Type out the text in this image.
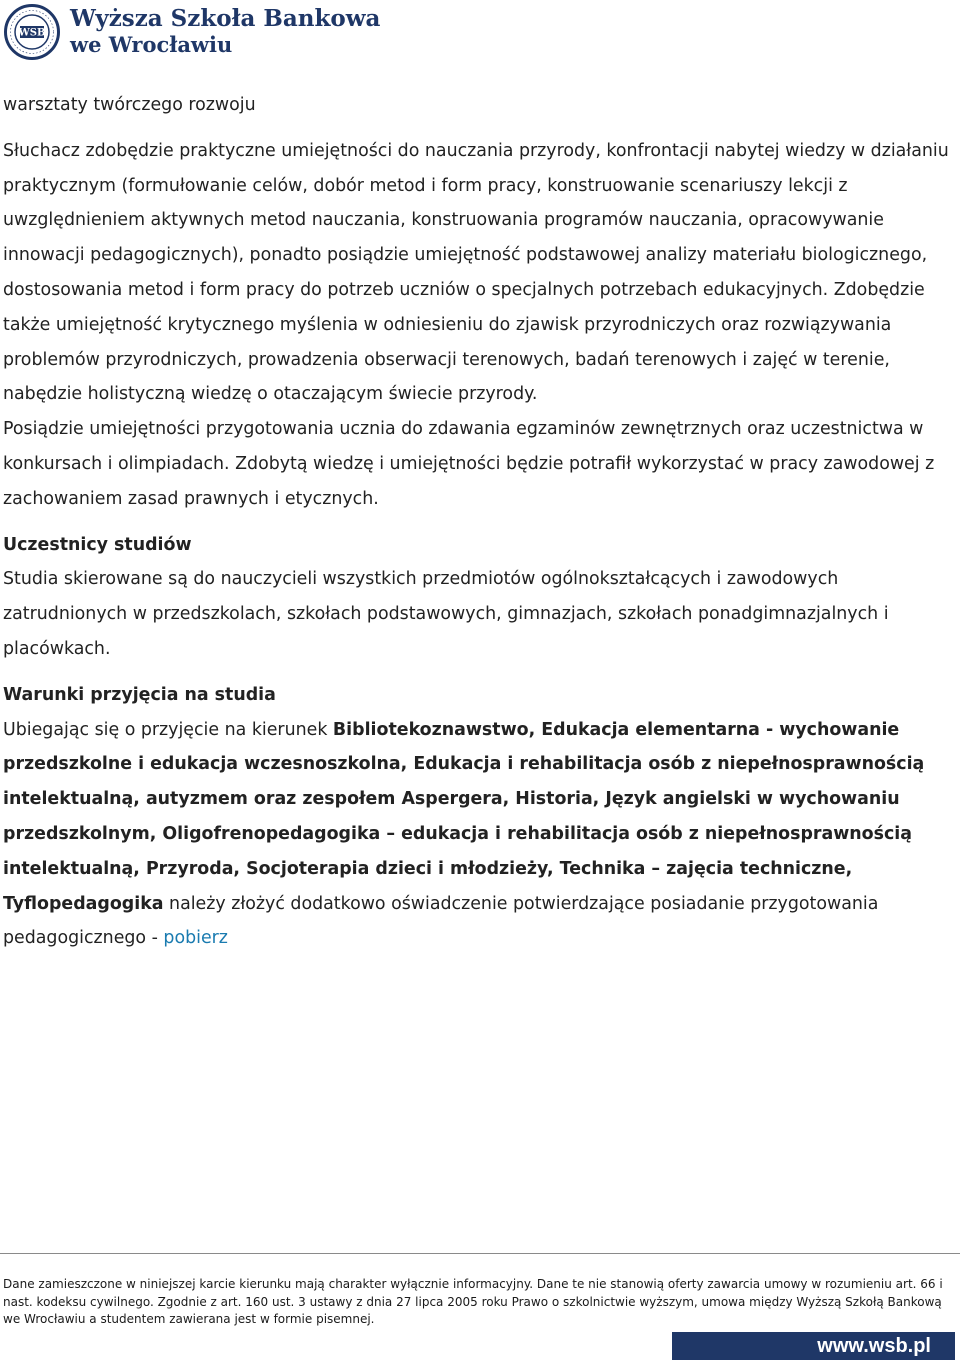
WSB
Wyższa Szkoła Bankowa
we Wrocławiu

warsztaty twórczego rozwoju

Słuchacz zdobędzie praktyczne umiejętności do nauczania przyrody, konfrontacji nabytej wiedzy w działaniu praktycznym (formułowanie celów, dobór metod i form pracy, konstruowanie scenariuszy lekcji z uwzględnieniem aktywnych metod nauczania, konstruowania programów nauczania, opracowywanie innowacji pedagogicznych), ponadto posiądzie umiejętność podstawowej analizy materiału biologicznego, dostosowania metod i form pracy do potrzeb uczniów o specjalnych potrzebach edukacyjnych. Zdobędzie także umiejętność krytycznego myślenia w odniesieniu do zjawisk przyrodniczych oraz rozwiązywania problemów przyrodniczych, prowadzenia obserwacji terenowych, badań terenowych i zajęć w terenie, nabędzie holistyczną wiedzę o otaczającym świecie przyrody.

Posiądzie umiejętności przygotowania ucznia do zdawania egzaminów zewnętrznych oraz uczestnictwa w konkursach i olimpiadach. Zdobytą wiedzę i umiejętności będzie potrafił wykorzystać w pracy zawodowej z zachowaniem zasad prawnych i etycznych.

Uczestnicy studiów

Studia skierowane są do nauczycieli wszystkich przedmiotów ogólnokształcących i zawodowych zatrudnionych w przedszkolach, szkołach podstawowych, gimnazjach, szkołach ponadgimnazjalnych i placówkach.

Warunki przyjęcia na studia

Ubiegając się o przyjęcie na kierunek Bibliotekoznawstwo, Edukacja elementarna - wychowanie przedszkolne i edukacja wczesnoszkolna, Edukacja i rehabilitacja osób z niepełnosprawnością intelektualną, autyzmem oraz zespołem Aspergera, Historia, Język angielski w wychowaniu przedszkolnym, Oligofrenopedagogika – edukacja i rehabilitacja osób z niepełnosprawnością intelektualną, Przyroda, Socjoterapia dzieci i młodzieży, Technika – zajęcia techniczne, Tyflopedagogika należy złożyć dodatkowo oświadczenie potwierdzające posiadanie przygotowania pedagogicznego - pobierz

Dane zamieszczone w niniejszej karcie kierunku mają charakter wyłącznie informacyjny. Dane te nie stanowią oferty zawarcia umowy w rozumieniu art. 66 i nast. kodeksu cywilnego. Zgodnie z art. 160 ust. 3 ustawy z dnia 27 lipca 2005 roku Prawo o szkolnictwie wyższym, umowa między Wyższą Szkołą Bankową we Wrocławiu a studentem zawierana jest w formie pisemnej.
www.wsb.pl
